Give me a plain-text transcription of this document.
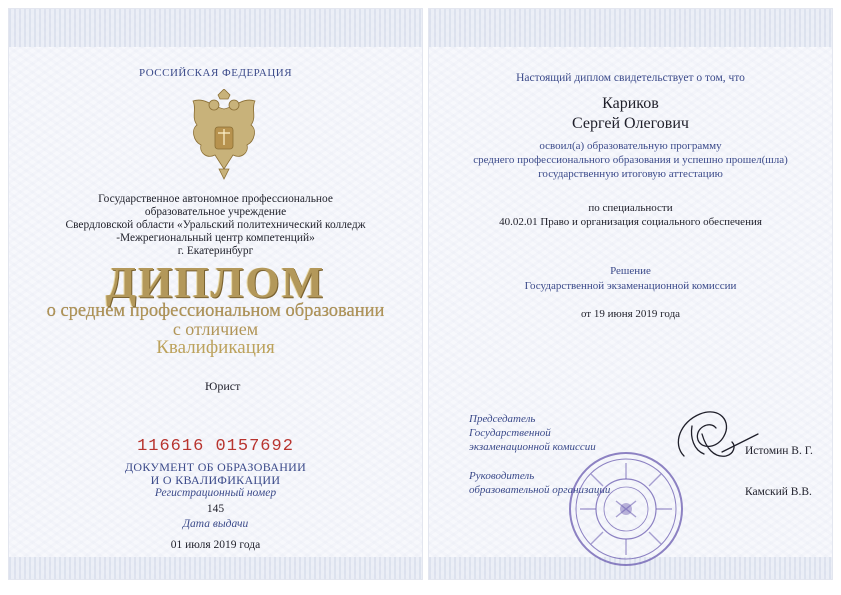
РОССИЙСКАЯ ФЕДЕРАЦИЯ
Государственное автономное профессиональное
образовательное учреждение
Свердловской области «Уральский политехнический колледж
-Межрегиональный центр компетенций»
г. Екатеринбург
ДИПЛОМ
о среднем профессиональном образовании
с отличием
Квалификация
Юрист
116616 0157692
ДОКУМЕНТ ОБ ОБРАЗОВАНИИ
И О КВАЛИФИКАЦИИ
Регистрационный номер
145
Дата выдачи
01 июля 2019 года
Настоящий диплом свидетельствует о том, что
Кариков
Сергей Олегович
освоил(а) образовательную программу
среднего профессионального образования и успешно прошел(шла)
государственную итоговую аттестацию
по специальности
40.02.01 Право и организация социального обеспечения
Решение
Государственной экзаменационной комиссии
от 19 июня 2019 года
Председатель
Государственной
экзаменационной комиссии	Истомин В. Г.
Руководитель
образовательной организации	Камский В.В.
